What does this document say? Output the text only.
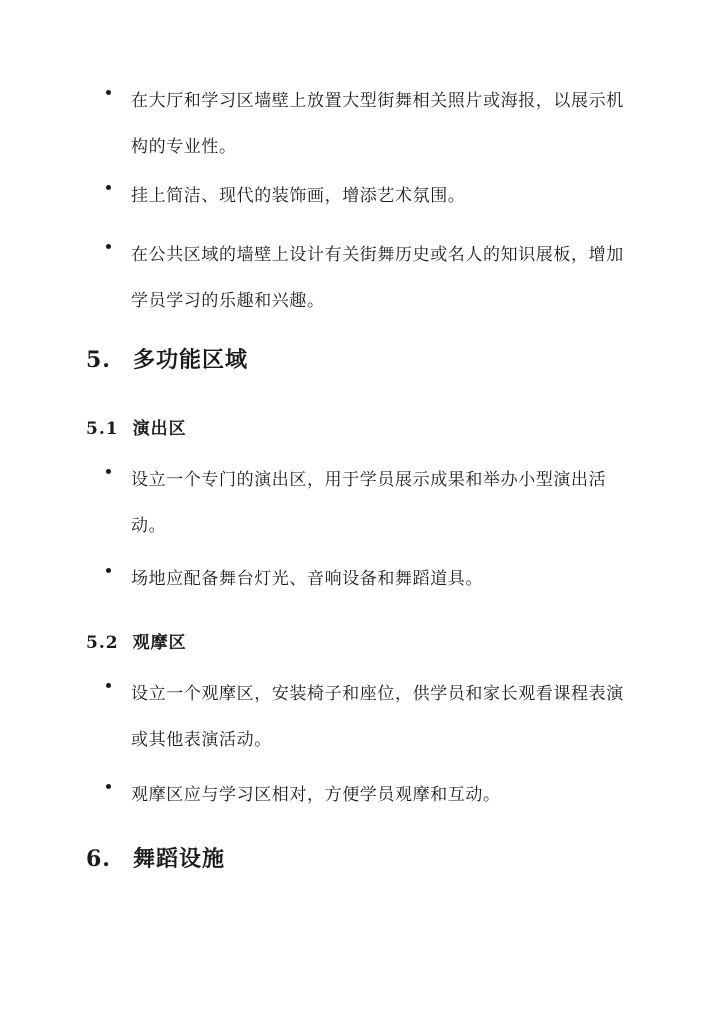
在大厅和学习区墙壁上放置大型街舞相关照片或海报，以展示机构的专业性。
挂上简洁、现代的装饰画，增添艺术氛围。
在公共区域的墙壁上设计有关街舞历史或名人的知识展板，增加学员学习的乐趣和兴趣。
5. 多功能区域
5.1 演出区
设立一个专门的演出区，用于学员展示成果和举办小型演出活动。
场地应配备舞台灯光、音响设备和舞蹈道具。
5.2 观摩区
设立一个观摩区，安装椅子和座位，供学员和家长观看课程表演或其他表演活动。
观摩区应与学习区相对，方便学员观摩和互动。
6. 舞蹈设施
